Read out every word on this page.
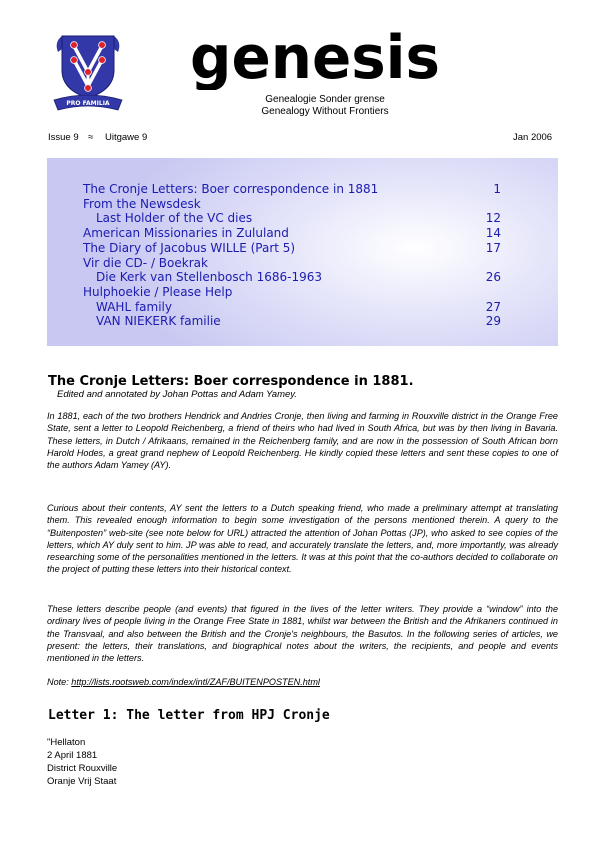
PRO FAMILIA
genesis
Genealogie Sonder grense
Genealogy Without Frontiers
Issue 9 ≈ Uitgawe 9	Jan 2006
The Cronje Letters: Boer correspondence in 1881	1
From the Newsdesk
Last Holder of the VC dies	12
American Missionaries in Zululand	14
The Diary of Jacobus WILLE (Part 5)	17
Vir die CD- / Boekrak
Die Kerk van Stellenbosch 1686-1963	26
Hulphoekie / Please Help
WAHL family	27
VAN NIEKERK familie	29
The Cronje Letters: Boer correspondence in 1881.
Edited and annotated by Johan Pottas and Adam Yamey.

In 1881, each of the two brothers Hendrick and Andries Cronje, then living and farming in Rouxville district in the Orange Free State, sent a letter to Leopold Reichenberg, a friend of theirs who had lived in South Africa, but was by then living in Bavaria. These letters, in Dutch / Afrikaans, remained in the Reichenberg family, and are now in the possession of South African born Harold Hodes, a great grand nephew of Leopold Reichenberg. He kindly copied these letters and sent these copies to one of the authors Adam Yamey (AY).

Curious about their contents, AY sent the letters to a Dutch speaking friend, who made a preliminary attempt at translating them. This revealed enough information to begin some investigation of the persons mentioned therein. A query to the “Buitenposten” web-site (see note below for URL) attracted the attention of Johan Pottas (JP), who asked to see copies of the letters, which AY duly sent to him. JP was able to read, and accurately translate the letters, and, more importantly, was already researching some of the personalities mentioned in the letters. It was at this point that the co-authors decided to collaborate on the project of putting these letters into their historical context.

These letters describe people (and events) that figured in the lives of the letter writers. They provide a “window” into the ordinary lives of people living in the Orange Free State in 1881, whilst war between the British and the Afrikaners continued in the Transvaal, and also between the British and the Cronje's neighbours, the Basutos. In the following series of articles, we present: the letters, their translations, and biographical notes about the writers, the recipients, and people and events mentioned in the letters.

Note: http://lists.rootsweb.com/index/intl/ZAF/BUITENPOSTEN.html
Letter 1: The letter from HPJ Cronje
"Hellaton
2 April 1881
District Rouxville
Oranje Vrij Staat
